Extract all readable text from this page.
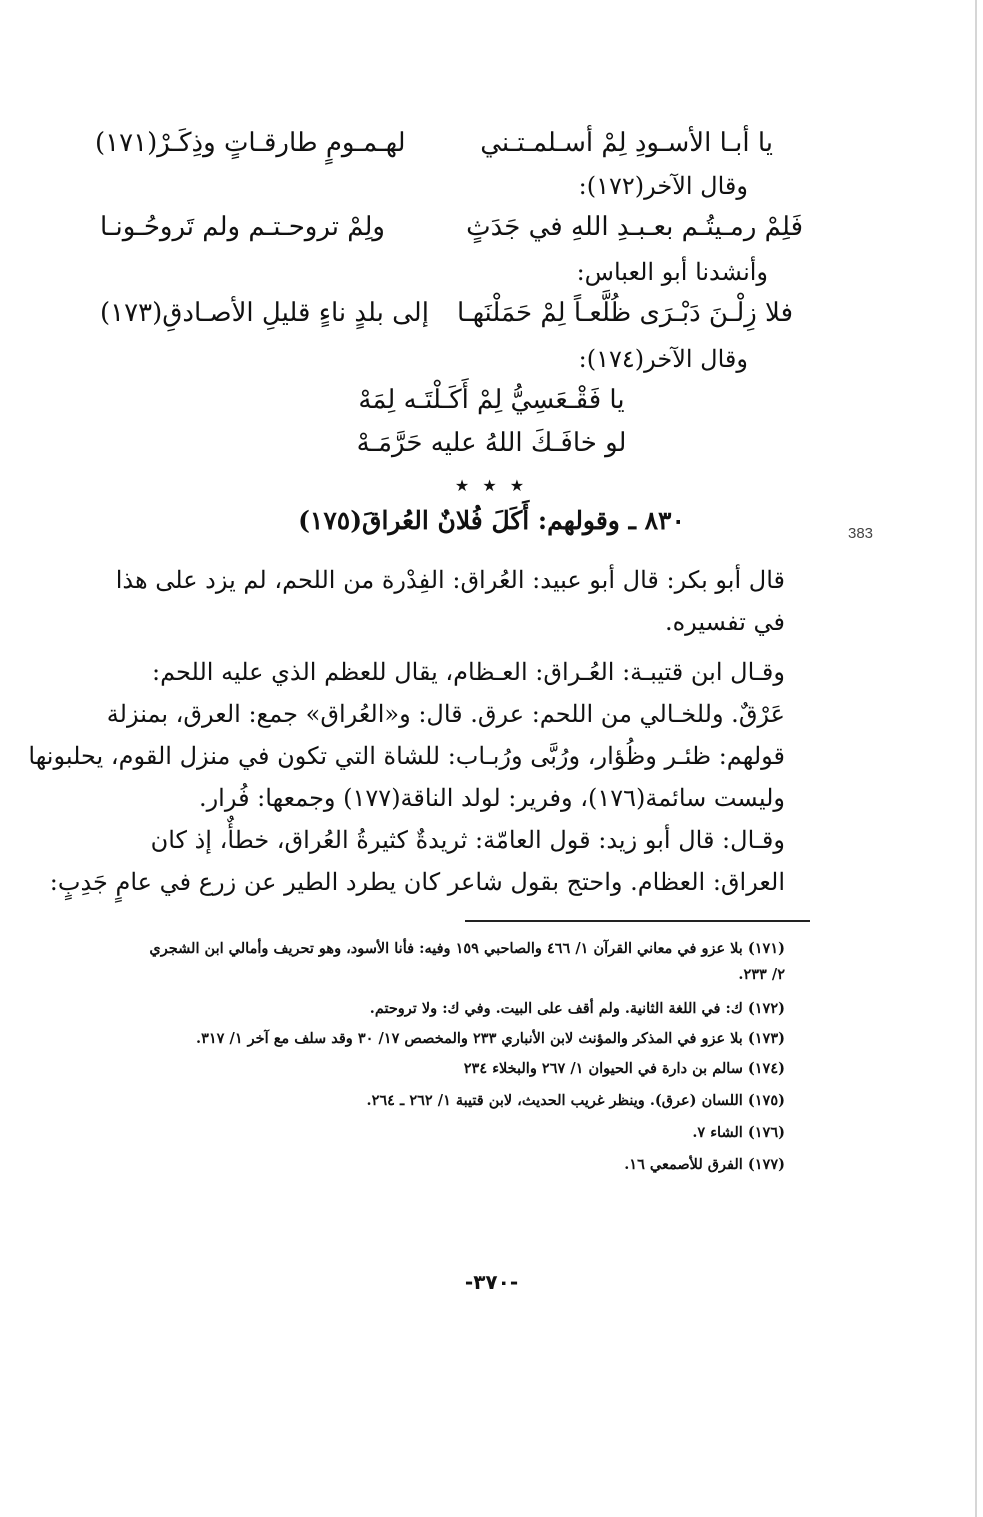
يا أبـا الأسـودِ لِمْ أسـلمـتـني
لهـمـومٍ طارقـاتٍ وذِكَـرْ(١٧١)
وقال الآخر(١٧٢):
فَلِمْ رمـيتُـم بعـبـدِ اللهِ في جَدَثٍ
ولِمْ تروحـتـم ولم تَروحُـونـا
وأنشدنا أبو العباس:
فلا زِلْـنَ دَبْـرَى ظُلَّعـاً لِمْ حَمَلْنَهـا
إلى بلدٍ ناءٍ قليلِ الأصـادقِ(١٧٣)
وقال الآخر(١٧٤):
يا فَقْـعَسِيُّ لِمْ أَكَـلْتَـه لِمَهْ
لو خافَـكَ اللهُ عليه حَرَّمَـهْ
★ ★ ★
٨٣٠ ـ وقولهم: أَكَلَ فُلانٌ العُراقَ(١٧٥)
قال أبو بكر: قال أبو عبيد: العُراق: الفِدْرة من اللحم، لم يزد على هذا
في تفسيره.
وقـال ابن قتيبـة: العُـراق: العـظام، يقال للعظم الذي عليه اللحم:
عَرْقٌ. وللخـالي من اللحم: عرق. قال: و«العُراق» جمع: العرق، بمنزلة
قولهم: ظئـر وظُؤار، ورُبَّى ورُبـاب: للشاة التي تكون في منزل القوم، يحلبونها
وليست سائمة(١٧٦)، وفرير: لولد الناقة(١٧٧) وجمعها: فُرار.
وقـال: قال أبو زيد: قول العامّة: ثريدةٌ كثيرةُ العُراق، خطأٌ، إذ كان
العراق: العظام. واحتج بقول شاعر كان يطرد الطير عن زرع في عامٍ جَدِبٍ:
(١٧١) بلا عزو في معاني القرآن ١/ ٤٦٦ والصاحبي ١٥٩ وفيه: فأنا الأسود، وهو تحريف وأمالي ابن الشجري
٢/ ٢٣٣.
(١٧٢) ك: في اللغة الثانية. ولم أقف على البيت. وفي ك: ولا تروحتم.
(١٧٣) بلا عزو في المذكر والمؤنث لابن الأنباري ٢٣٣ والمخصص ١٧/ ٣٠ وقد سلف مع آخر ١/ ٣١٧.
(١٧٤) سالم بن دارة في الحيوان ١/ ٢٦٧ والبخلاء ٢٣٤
(١٧٥) اللسان (عرق). وينظر غريب الحديث، لابن قتيبة ١/ ٢٦٢ ـ ٢٦٤.
(١٧٦) الشاء ٧.
(١٧٧) الفرق للأصمعي ١٦.
-٣٧٠-
383
